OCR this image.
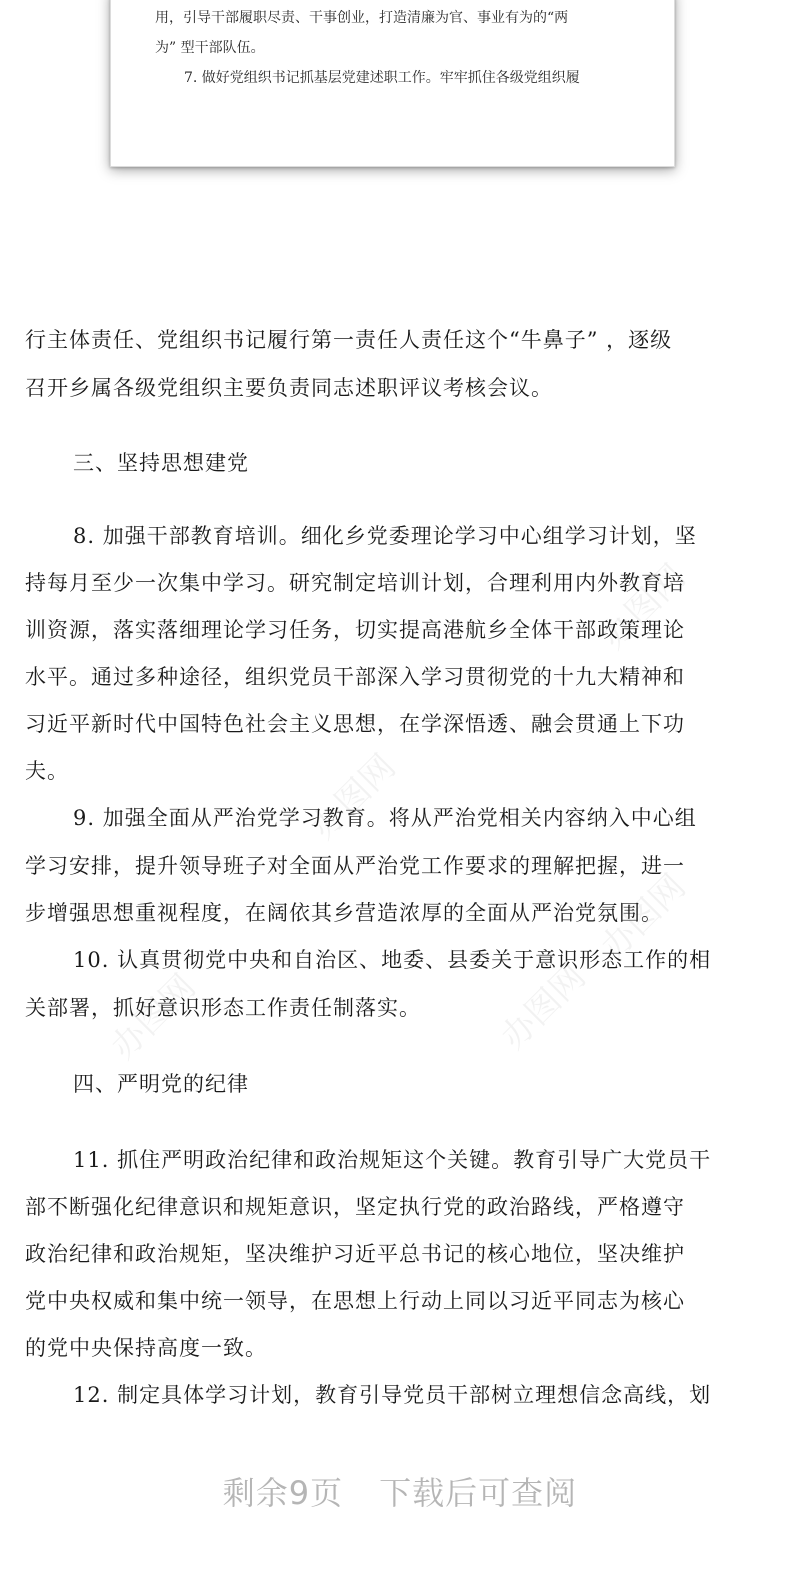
用，引导干部履职尽责、干事创业，打造清廉为官、事业有为的“两

为” 型干部队伍。

7. 做好党组织书记抓基层党建述职工作。牢牢抓住各级党组织履

办图网
办图网
办图网
办图网
办图网
行主体责任、党组织书记履行第一责任人责任这个“牛鼻子” ，逐级
召开乡属各级党组织主要负责同志述职评议考核会议。
三、坚持思想建党
8. 加强干部教育培训。细化乡党委理论学习中心组学习计划，坚
持每月至少一次集中学习。研究制定培训计划，合理利用内外教育培
训资源，落实落细理论学习任务，切实提高港航乡全体干部政策理论
水平。通过多种途径，组织党员干部深入学习贯彻党的十九大精神和
习近平新时代中国特色社会主义思想，在学深悟透、融会贯通上下功
夫。
9. 加强全面从严治党学习教育。将从严治党相关内容纳入中心组
学习安排，提升领导班子对全面从严治党工作要求的理解把握，进一
步增强思想重视程度，在阔依其乡营造浓厚的全面从严治党氛围。
10. 认真贯彻党中央和自治区、地委、县委关于意识形态工作的相
关部署，抓好意识形态工作责任制落实。
四、严明党的纪律
11. 抓住严明政治纪律和政治规矩这个关键。教育引导广大党员干
部不断强化纪律意识和规矩意识，坚定执行党的政治路线，严格遵守
政治纪律和政治规矩，坚决维护习近平总书记的核心地位，坚决维护
党中央权威和集中统一领导，在思想上行动上同以习近平同志为核心
的党中央保持高度一致。
12. 制定具体学习计划，教育引导党员干部树立理想信念高线，划
剩余9页 下载后可查阅
